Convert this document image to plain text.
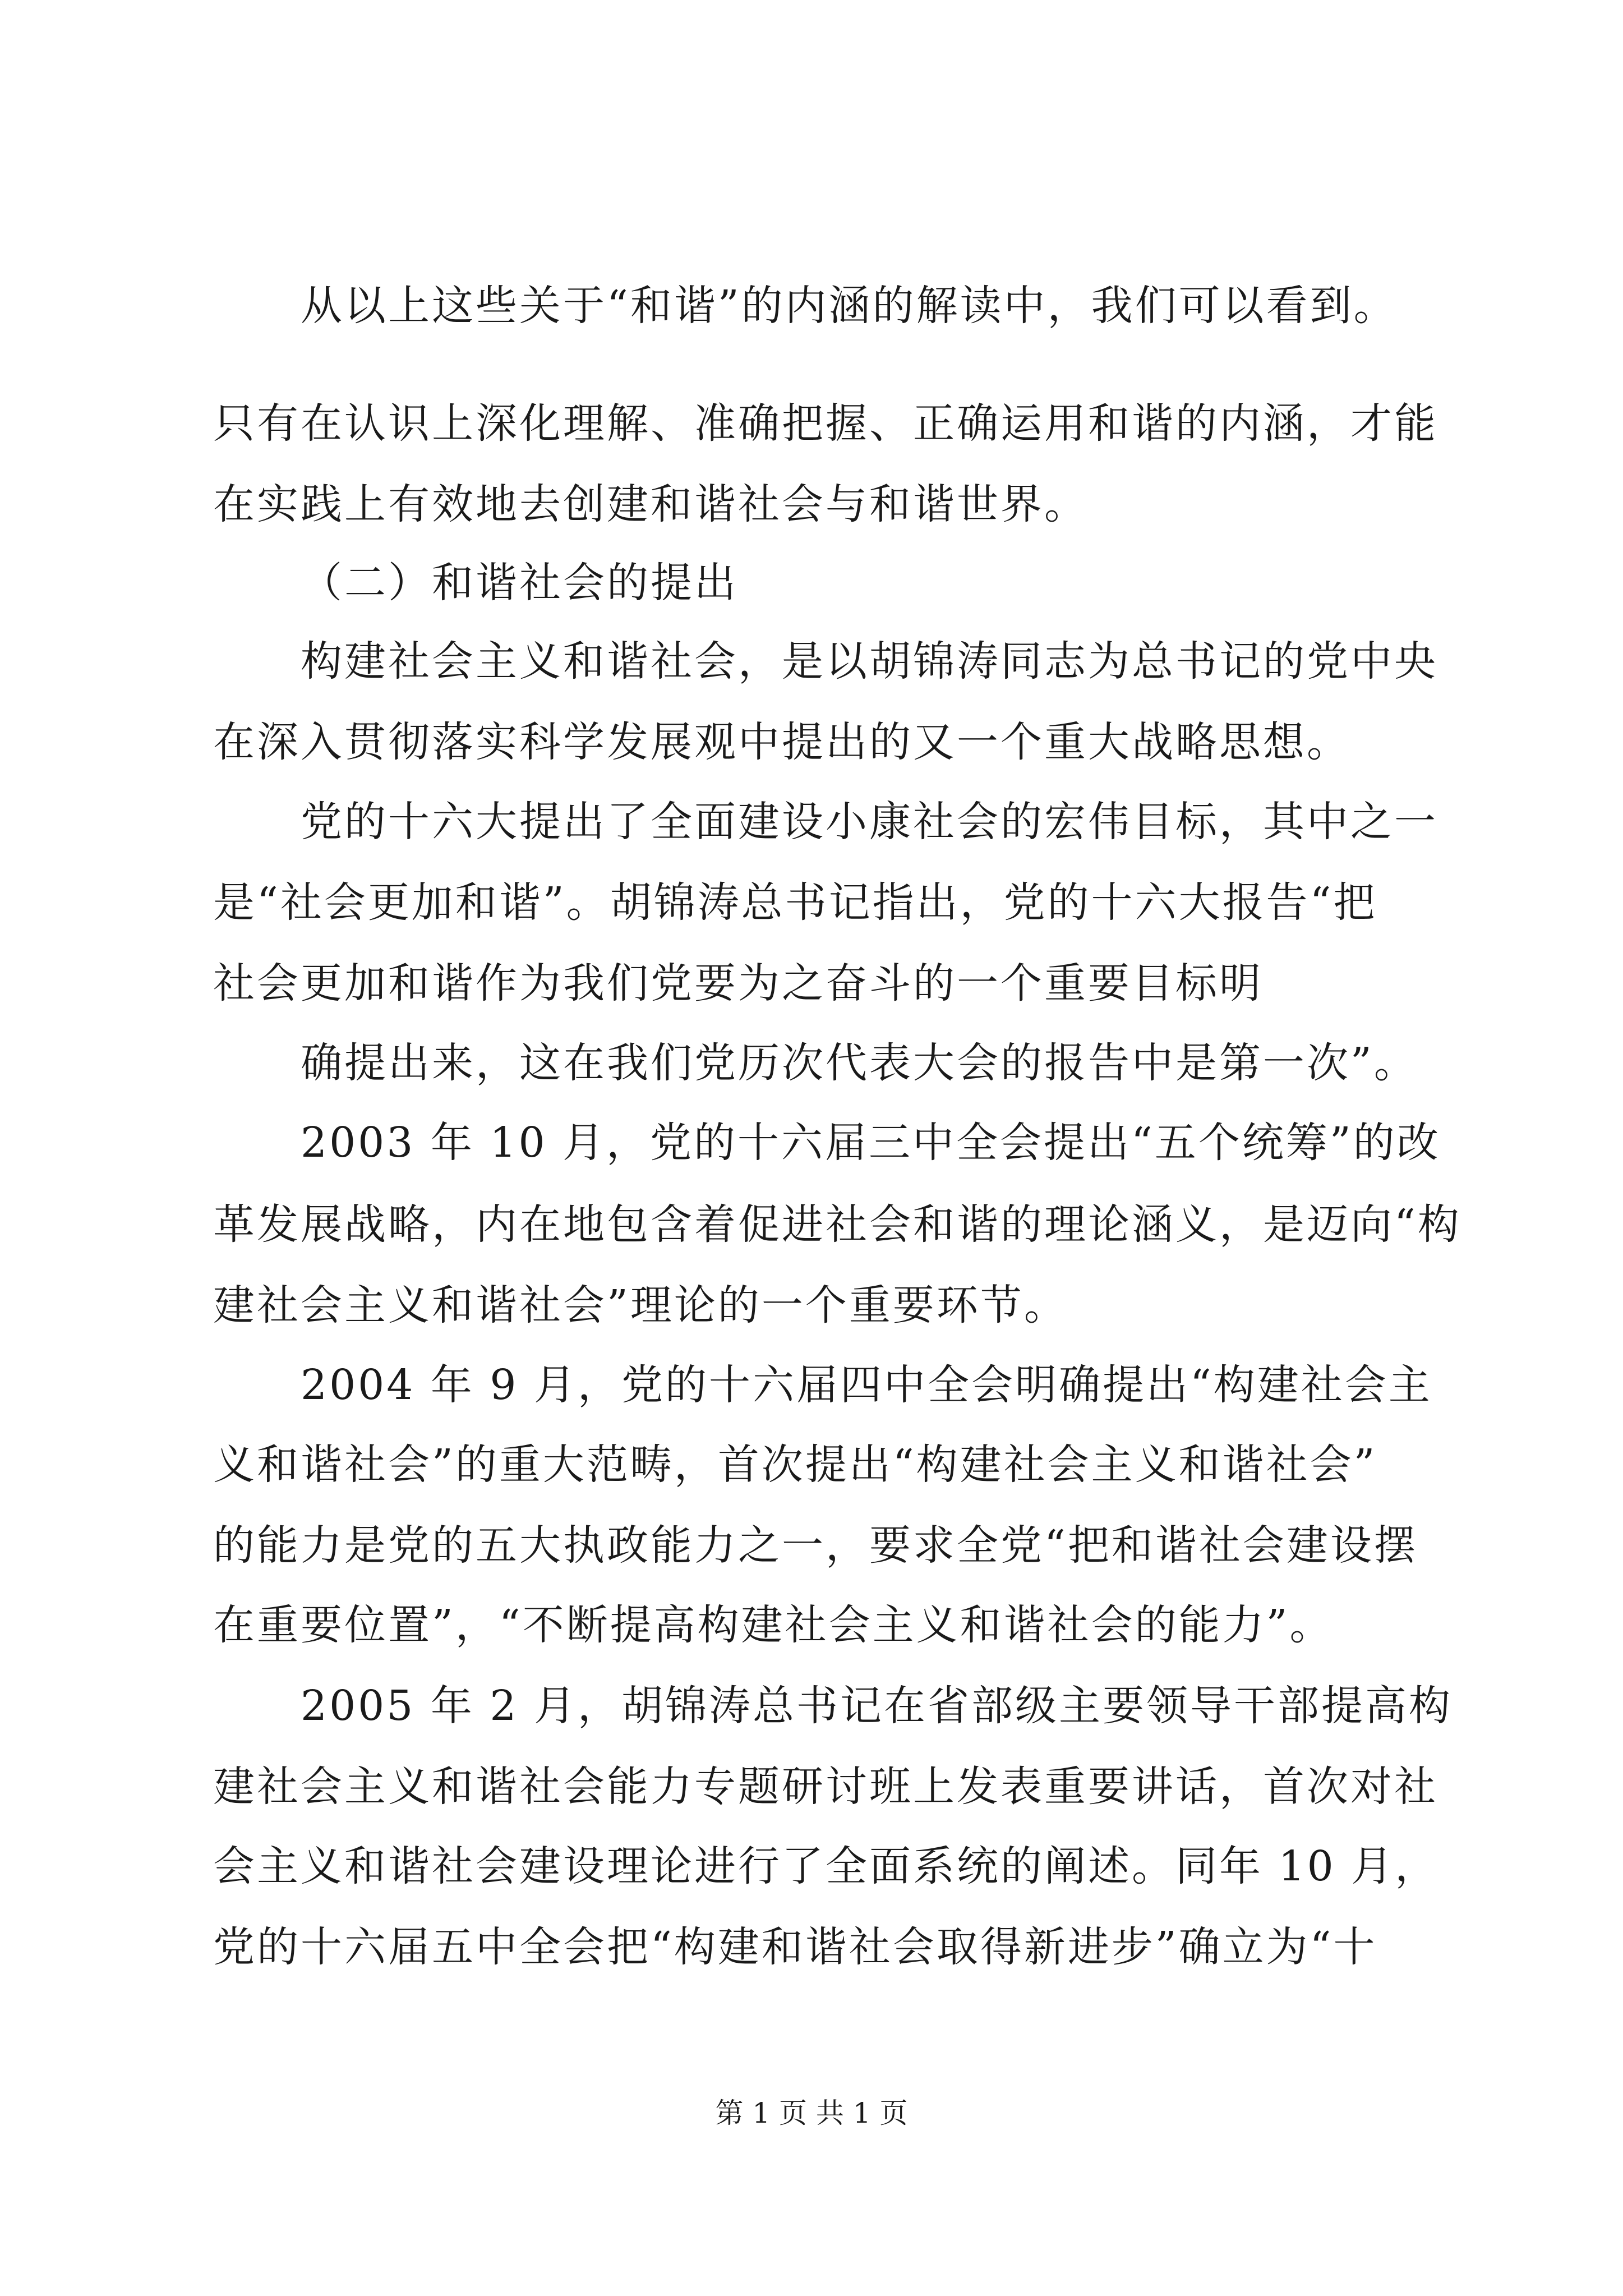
从以上这些关于“和谐”的内涵的解读中，我们可以看到。
只有在认识上深化理解、准确把握、正确运用和谐的内涵，才能
在实践上有效地去创建和谐社会与和谐世界。
（二）和谐社会的提出
构建社会主义和谐社会，是以胡锦涛同志为总书记的党中央
在深入贯彻落实科学发展观中提出的又一个重大战略思想。
党的十六大提出了全面建设小康社会的宏伟目标，其中之一
是“社会更加和谐”。胡锦涛总书记指出，党的十六大报告“把
社会更加和谐作为我们党要为之奋斗的一个重要目标明
确提出来，这在我们党历次代表大会的报告中是第一次”。
2003 年 10 月，党的十六届三中全会提出“五个统筹”的改
革发展战略，内在地包含着促进社会和谐的理论涵义，是迈向“构
建社会主义和谐社会”理论的一个重要环节。
2004 年 9 月，党的十六届四中全会明确提出“构建社会主
义和谐社会”的重大范畴，首次提出“构建社会主义和谐社会”
的能力是党的五大执政能力之一，要求全党“把和谐社会建设摆
在重要位置”，“不断提高构建社会主义和谐社会的能力”。
2005 年 2 月，胡锦涛总书记在省部级主要领导干部提高构
建社会主义和谐社会能力专题研讨班上发表重要讲话，首次对社
会主义和谐社会建设理论进行了全面系统的阐述。同年 10 月，
党的十六届五中全会把“构建和谐社会取得新进步”确立为“十
第 1 页 共 1 页
